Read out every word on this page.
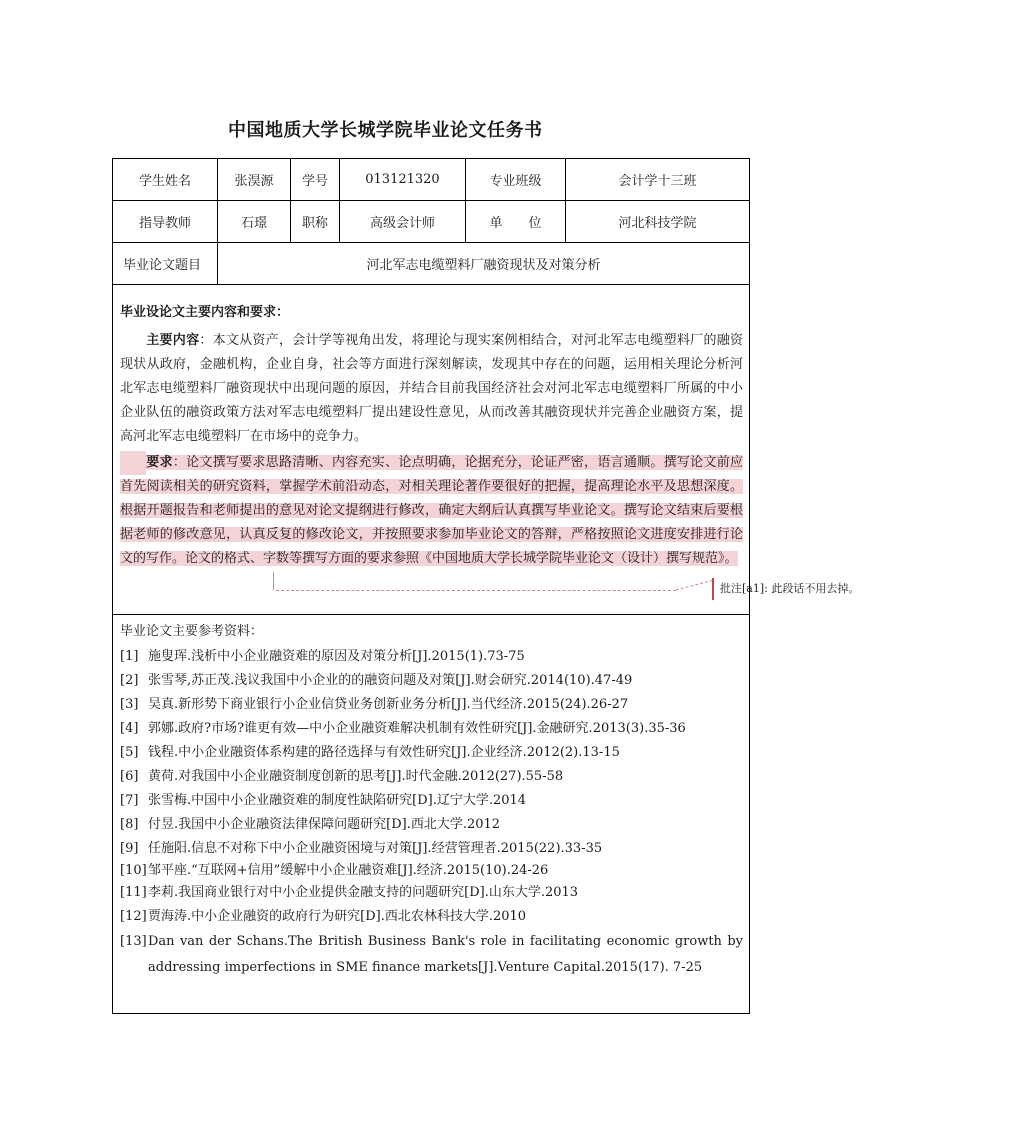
中国地质大学长城学院毕业论文任务书
学生姓名	张淏源	学号	013121320	专业班级	会计学十三班
指导教师	石璟	职称	高级会计师	单　　位	河北科技学院
毕业论文题目	河北军志电缆塑料厂融资现状及对策分析
毕业设论文主要内容和要求：

主要内容：本文从资产，会计学等视角出发，将理论与现实案例相结合，对河北军志电缆塑料厂的融资现状从政府，金融机构，企业自身，社会等方面进行深刻解读，发现其中存在的问题，运用相关理论分析河北军志电缆塑料厂融资现状中出现问题的原因，并结合目前我国经济社会对河北军志电缆塑料厂所属的中小企业队伍的融资政策方法对军志电缆塑料厂提出建设性意见，从而改善其融资现状并完善企业融资方案，提高河北军志电缆塑料厂在市场中的竞争力。

要求：论文撰写要求思路清晰、内容充实、论点明确，论据充分，论证严密，语言通顺。撰写论文前应首先阅读相关的研究资料，掌握学术前沿动态，对相关理论著作要很好的把握，提高理论水平及思想深度。根据开题报告和老师提出的意见对论文提纲进行修改，确定大纲后认真撰写毕业论文。撰写论文结束后要根据老师的修改意见，认真反复的修改论文，并按照要求参加毕业论文的答辩，严格按照论文进度安排进行论文的写作。论文的格式、字数等撰写方面的要求参照《中国地质大学长城学院毕业论文（设计）撰写规范》。

毕业论文主要参考资料：
[1] 施叟珲.浅析中小企业融资难的原因及对策分析[J].2015(1).73-75
[2] 张雪琴,苏正茂.浅议我国中小企业的的融资问题及对策[J].财会研究.2014(10).47-49
[3] 吴真.新形势下商业银行小企业信贷业务创新业务分析[J].当代经济.2015(24).26-27
[4] 郭娜.政府?市场?谁更有效—中小企业融资难解决机制有效性研究[J].金融研究.2013(3).35-36
[5] 钱程.中小企业融资体系构建的路径选择与有效性研究[J].企业经济.2012(2).13-15
[6] 黄荷.对我国中小企业融资制度创新的思考[J].时代金融.2012(27).55-58
[7] 张雪梅.中国中小企业融资难的制度性缺陷研究[D].辽宁大学.2014
[8] 付昱.我国中小企业融资法律保障问题研究[D].西北大学.2012
[9] 任施阳.信息不对称下中小企业融资困境与对策[J].经营管理者.2015(22).33-35
[10] 邹平座.“互联网+信用”缓解中小企业融资难[J].经济.2015(10).24-26
[11] 李莉.我国商业银行对中小企业提供金融支持的问题研究[D].山东大学.2013
[12] 贾海涛.中小企业融资的政府行为研究[D].西北农林科技大学.2010
[13] Dan van der Schans.The British Business Bank's role in facilitating economic growth by addressing imperfections in SME finance markets[J].Venture Capital.2015(17). 7-25
批注[a1]: 此段话不用去掉。
